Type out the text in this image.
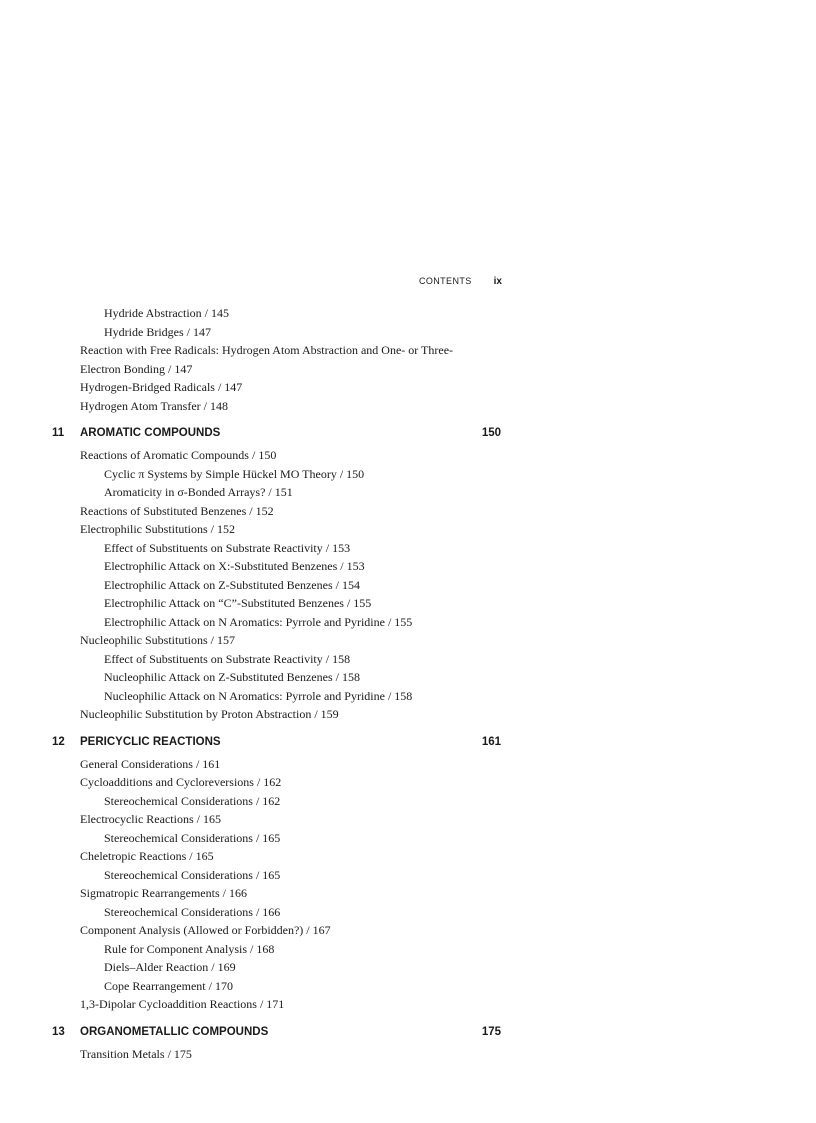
CONTENTS ix
Hydride Abstraction / 145
Hydride Bridges / 147
Reaction with Free Radicals: Hydrogen Atom Abstraction and One- or Three-Electron Bonding / 147
Hydrogen-Bridged Radicals / 147
Hydrogen Atom Transfer / 148
11 AROMATIC COMPOUNDS	150
Reactions of Aromatic Compounds / 150
Cyclic π Systems by Simple Hückel MO Theory / 150
Aromaticity in σ-Bonded Arrays? / 151
Reactions of Substituted Benzenes / 152
Electrophilic Substitutions / 152
Effect of Substituents on Substrate Reactivity / 153
Electrophilic Attack on X:-Substituted Benzenes / 153
Electrophilic Attack on Z-Substituted Benzenes / 154
Electrophilic Attack on “C”-Substituted Benzenes / 155
Electrophilic Attack on N Aromatics: Pyrrole and Pyridine / 155
Nucleophilic Substitutions / 157
Effect of Substituents on Substrate Reactivity / 158
Nucleophilic Attack on Z-Substituted Benzenes / 158
Nucleophilic Attack on N Aromatics: Pyrrole and Pyridine / 158
Nucleophilic Substitution by Proton Abstraction / 159
12 PERICYCLIC REACTIONS	161
General Considerations / 161
Cycloadditions and Cycloreversions / 162
Stereochemical Considerations / 162
Electrocyclic Reactions / 165
Stereochemical Considerations / 165
Cheletropic Reactions / 165
Stereochemical Considerations / 165
Sigmatropic Rearrangements / 166
Stereochemical Considerations / 166
Component Analysis (Allowed or Forbidden?) / 167
Rule for Component Analysis / 168
Diels–Alder Reaction / 169
Cope Rearrangement / 170
1,3-Dipolar Cycloaddition Reactions / 171
13 ORGANOMETALLIC COMPOUNDS	175
Transition Metals / 175
